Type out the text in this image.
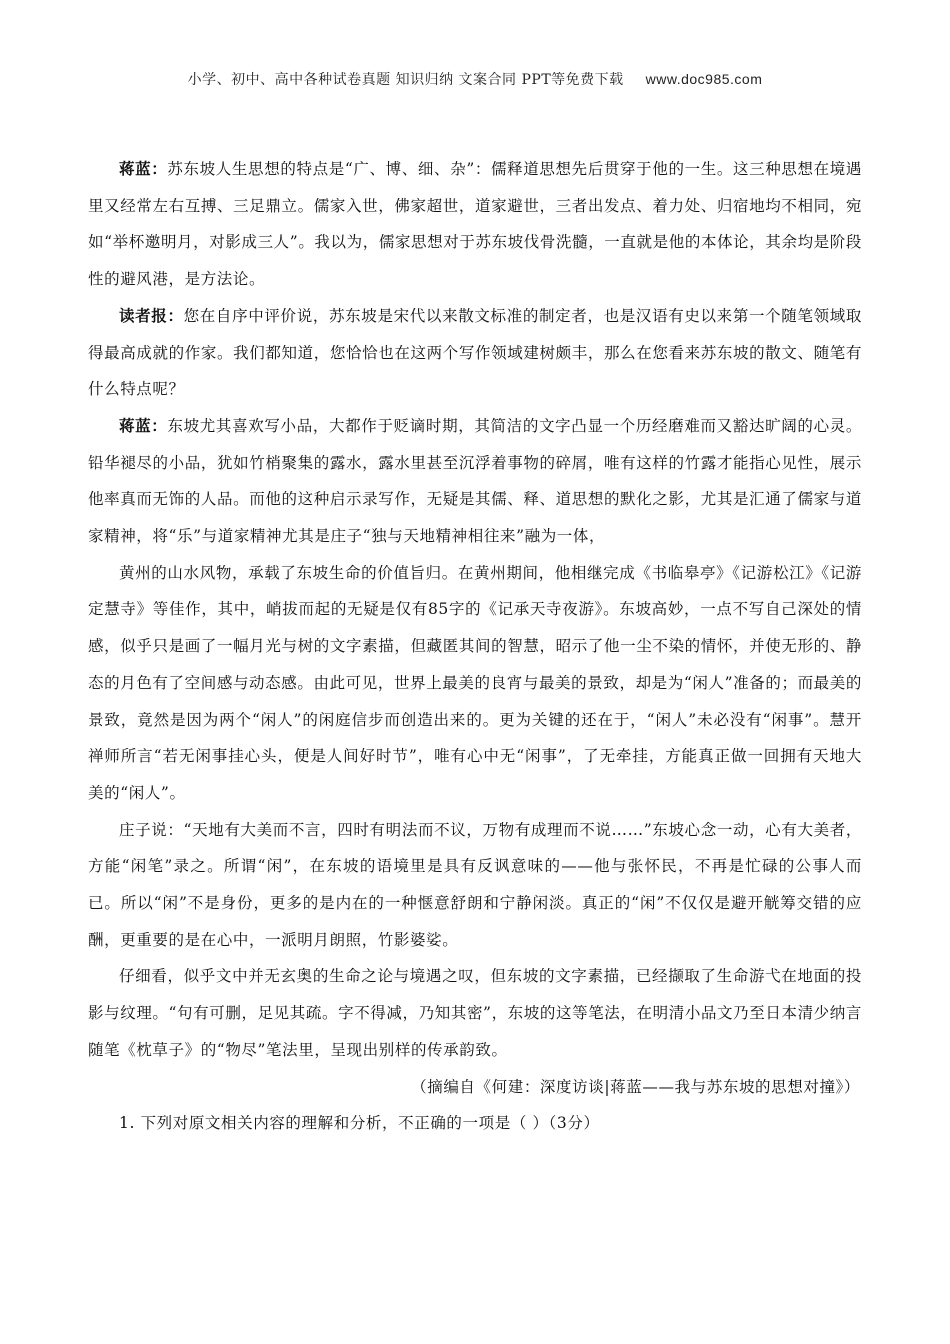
小学、初中、高中各种试卷真题 知识归纳 文案合同 PPT等免费下载 www.doc985.com

蒋蓝：苏东坡人生思想的特点是“广、博、细、杂”：儒释道思想先后贯穿于他的一生。这三种思想在境遇里又经常左右互搏、三足鼎立。儒家入世，佛家超世，道家避世，三者出发点、着力处、归宿地均不相同，宛如“举杯邀明月，对影成三人”。我以为，儒家思想对于苏东坡伐骨洗髓，一直就是他的本体论，其余均是阶段性的避风港，是方法论。

读者报：您在自序中评价说，苏东坡是宋代以来散文标准的制定者，也是汉语有史以来第一个随笔领域取得最高成就的作家。我们都知道，您恰恰也在这两个写作领域建树颇丰，那么在您看来苏东坡的散文、随笔有什么特点呢？

蒋蓝：东坡尤其喜欢写小品，大都作于贬谪时期，其简洁的文字凸显一个历经磨难而又豁达旷阔的心灵。铅华褪尽的小品，犹如竹梢聚集的露水，露水里甚至沉浮着事物的碎屑，唯有这样的竹露才能指心见性，展示他率真而无饰的人品。而他的这种启示录写作，无疑是其儒、释、道思想的默化之影，尤其是汇通了儒家与道家精神，将“乐”与道家精神尤其是庄子“独与天地精神相往来”融为一体，

黄州的山水风物，承载了东坡生命的价值旨归。在黄州期间，他相继完成《书临皋亭》《记游松江》《记游定慧寺》等佳作，其中，峭拔而起的无疑是仅有85字的《记承天寺夜游》。东坡高妙，一点不写自己深处的情感，似乎只是画了一幅月光与树的文字素描，但藏匿其间的智慧，昭示了他一尘不染的情怀，并使无形的、静态的月色有了空间感与动态感。由此可见，世界上最美的良宵与最美的景致，却是为“闲人”准备的；而最美的景致，竟然是因为两个“闲人”的闲庭信步而创造出来的。更为关键的还在于，“闲人”未必没有“闲事”。慧开禅师所言“若无闲事挂心头，便是人间好时节”，唯有心中无“闲事”，了无牵挂，方能真正做一回拥有天地大美的“闲人”。

庄子说：“天地有大美而不言，四时有明法而不议，万物有成理而不说……”东坡心念一动，心有大美者，方能“闲笔”录之。所谓“闲”，在东坡的语境里是具有反讽意味的——他与张怀民，不再是忙碌的公事人而已。所以“闲”不是身份，更多的是内在的一种惬意舒朗和宁静闲淡。真正的“闲”不仅仅是避开觥筹交错的应酬，更重要的是在心中，一派明月朗照，竹影婆娑。

仔细看，似乎文中并无玄奥的生命之论与境遇之叹，但东坡的文字素描，已经撷取了生命游弋在地面的投影与纹理。“句有可删，足见其疏。字不得减，乃知其密”，东坡的这等笔法，在明清小品文乃至日本清少纳言随笔《枕草子》的“物尽”笔法里，呈现出别样的传承韵致。

（摘编自《何建：深度访谈|蒋蓝——我与苏东坡的思想对撞》）

1. 下列对原文相关内容的理解和分析，不正确的一项是（ ）（3分）
